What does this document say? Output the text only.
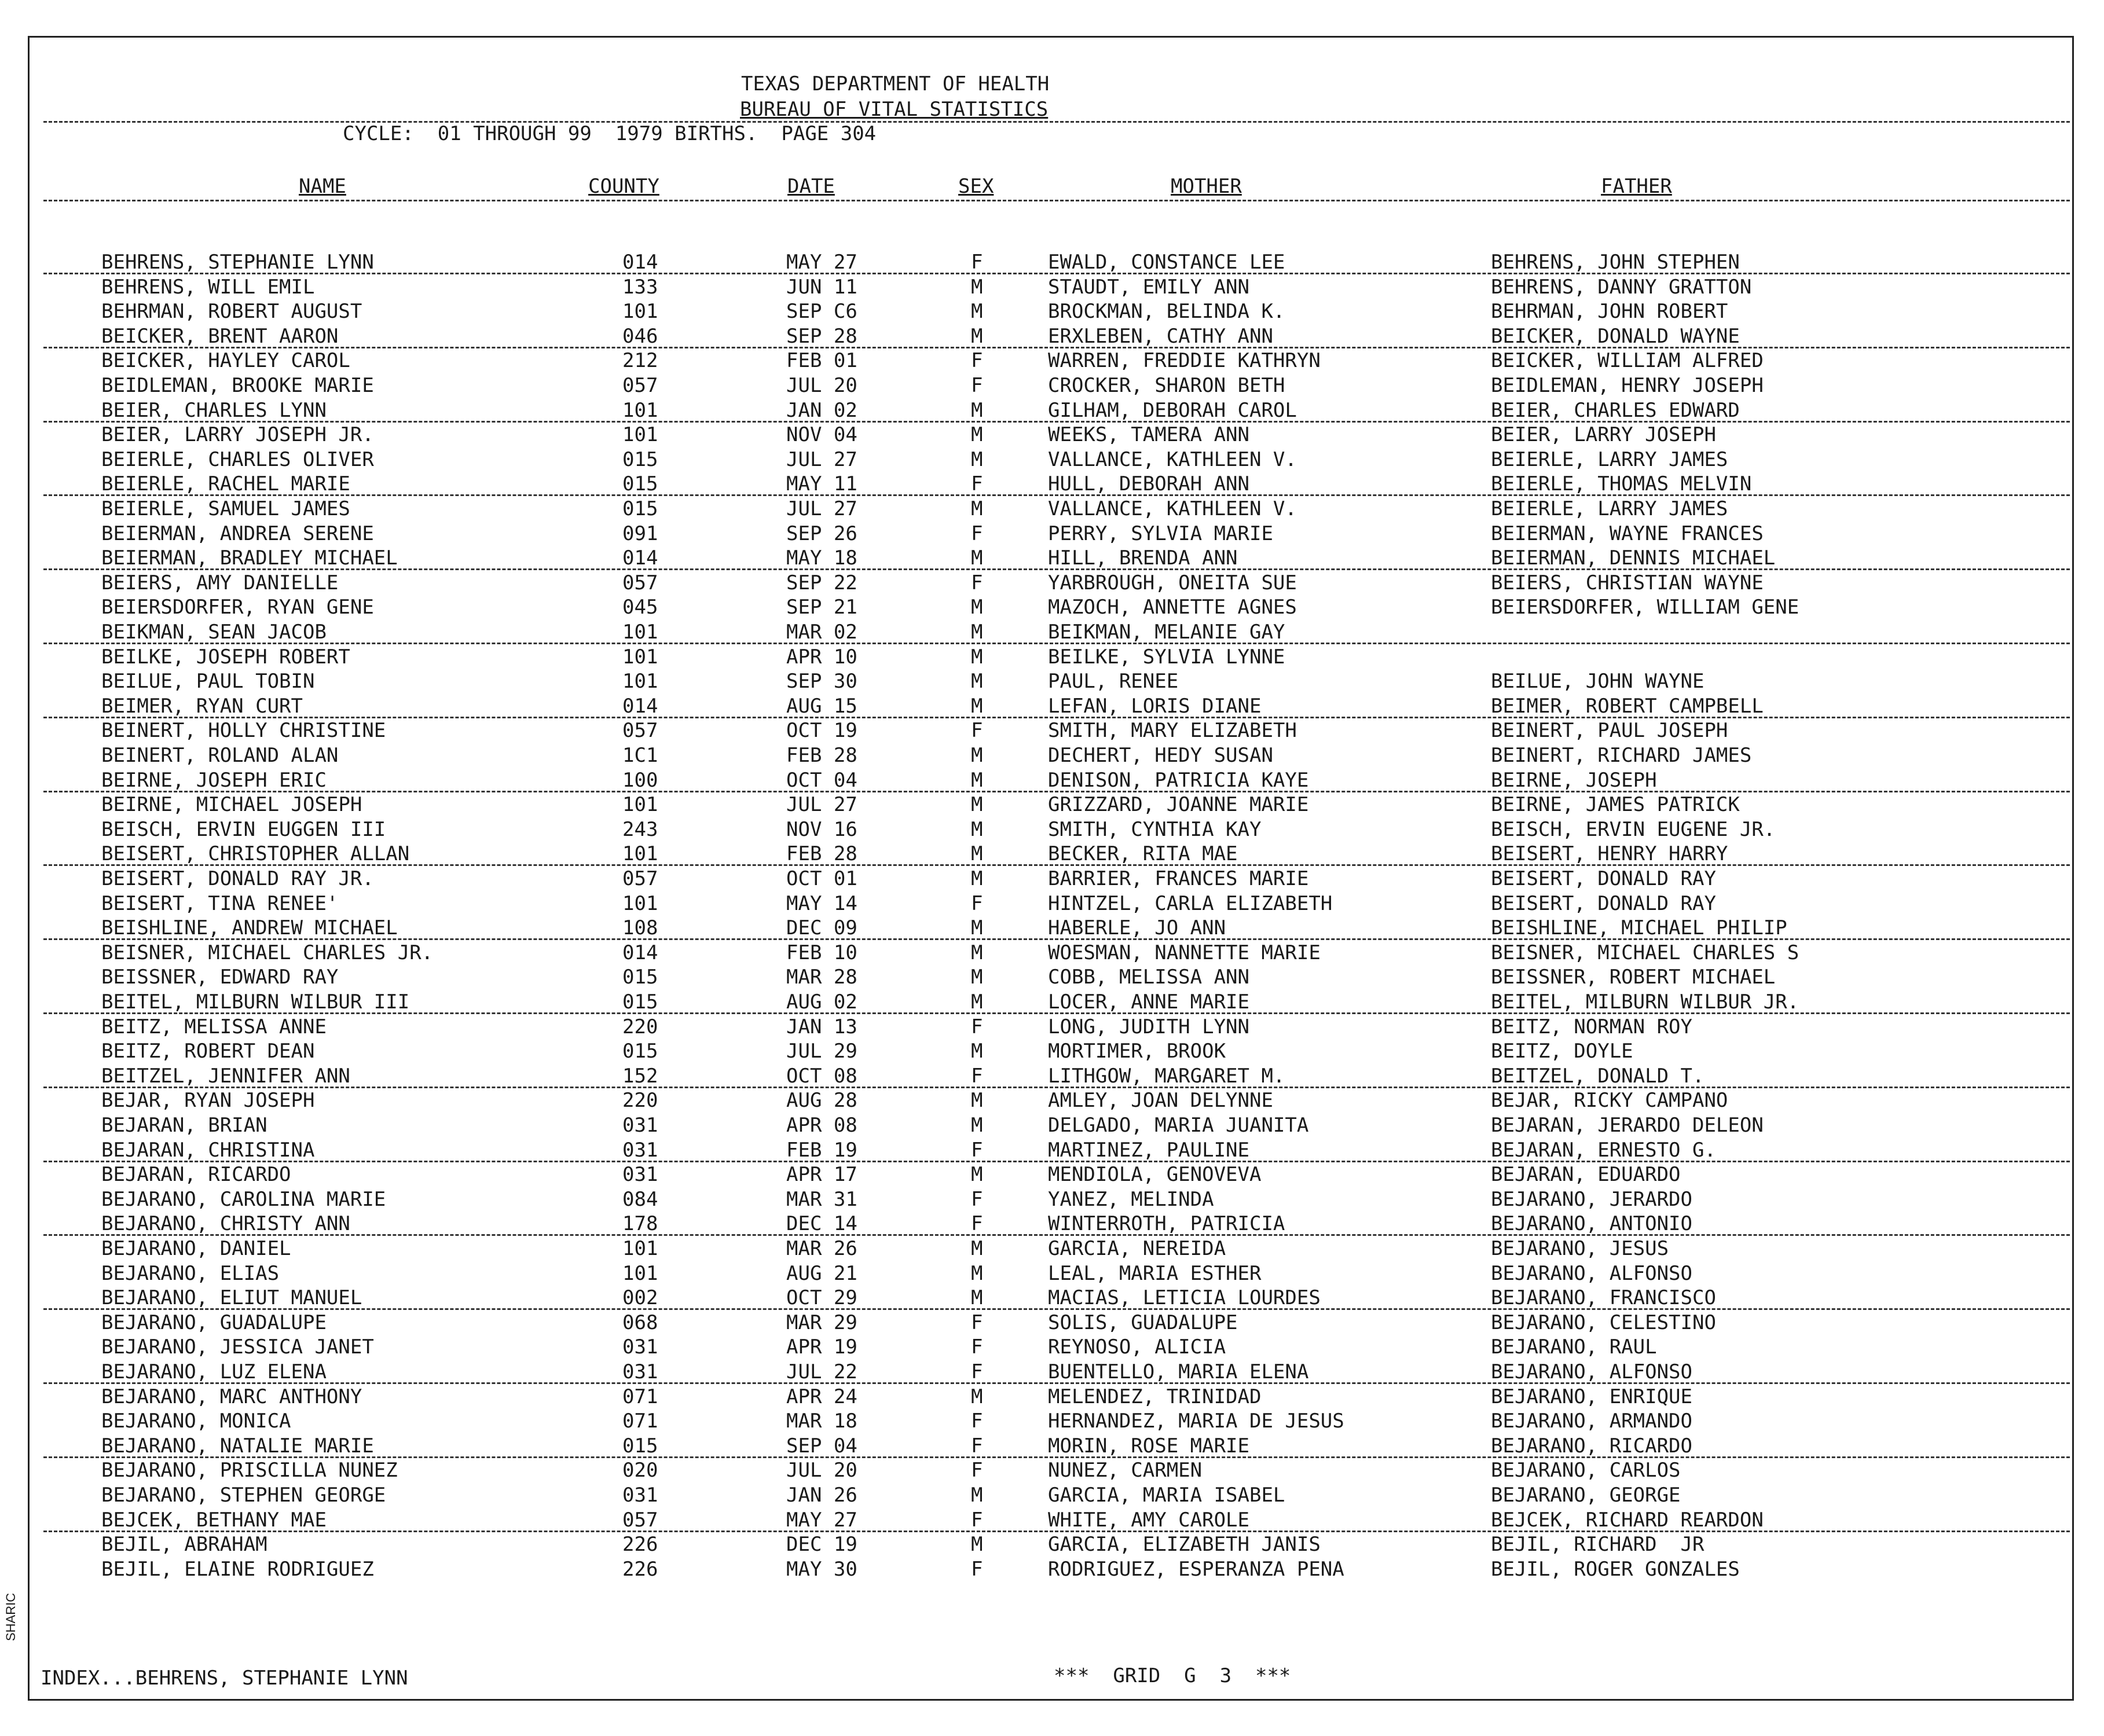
TEXAS DEPARTMENT OF HEALTH
BUREAU OF VITAL STATISTICS
CYCLE:  01 THROUGH 99  1979 BIRTHS.  PAGE 304
NAME	COUNTY	DATE	SEX	MOTHER	FATHER
BEHRENS, STEPHANIE LYNN	014	MAY 27	F	EWALD, CONSTANCE LEE	BEHRENS, JOHN STEPHEN
BEHRENS, WILL EMIL	133	JUN 11	M	STAUDT, EMILY ANN	BEHRENS, DANNY GRATTON
BEHRMAN, ROBERT AUGUST	101	SEP C6	M	BROCKMAN, BELINDA K.	BEHRMAN, JOHN ROBERT
BEICKER, BRENT AARON	046	SEP 28	M	ERXLEBEN, CATHY ANN	BEICKER, DONALD WAYNE
BEICKER, HAYLEY CAROL	212	FEB 01	F	WARREN, FREDDIE KATHRYN	BEICKER, WILLIAM ALFRED
BEIDLEMAN, BROOKE MARIE	057	JUL 20	F	CROCKER, SHARON BETH	BEIDLEMAN, HENRY JOSEPH
BEIER, CHARLES LYNN	101	JAN 02	M	GILHAM, DEBORAH CAROL	BEIER, CHARLES EDWARD
BEIER, LARRY JOSEPH JR.	101	NOV 04	M	WEEKS, TAMERA ANN	BEIER, LARRY JOSEPH
BEIERLE, CHARLES OLIVER	015	JUL 27	M	VALLANCE, KATHLEEN V.	BEIERLE, LARRY JAMES
BEIERLE, RACHEL MARIE	015	MAY 11	F	HULL, DEBORAH ANN	BEIERLE, THOMAS MELVIN
BEIERLE, SAMUEL JAMES	015	JUL 27	M	VALLANCE, KATHLEEN V.	BEIERLE, LARRY JAMES
BEIERMAN, ANDREA SERENE	091	SEP 26	F	PERRY, SYLVIA MARIE	BEIERMAN, WAYNE FRANCES
BEIERMAN, BRADLEY MICHAEL	014	MAY 18	M	HILL, BRENDA ANN	BEIERMAN, DENNIS MICHAEL
BEIERS, AMY DANIELLE	057	SEP 22	F	YARBROUGH, ONEITA SUE	BEIERS, CHRISTIAN WAYNE
BEIERSDORFER, RYAN GENE	045	SEP 21	M	MAZOCH, ANNETTE AGNES	BEIERSDORFER, WILLIAM GENE
BEIKMAN, SEAN JACOB	101	MAR 02	M	BEIKMAN, MELANIE GAY
BEILKE, JOSEPH ROBERT	101	APR 10	M	BEILKE, SYLVIA LYNNE
BEILUE, PAUL TOBIN	101	SEP 30	M	PAUL, RENEE	BEILUE, JOHN WAYNE
BEIMER, RYAN CURT	014	AUG 15	M	LEFAN, LORIS DIANE	BEIMER, ROBERT CAMPBELL
BEINERT, HOLLY CHRISTINE	057	OCT 19	F	SMITH, MARY ELIZABETH	BEINERT, PAUL JOSEPH
BEINERT, ROLAND ALAN	1C1	FEB 28	M	DECHERT, HEDY SUSAN	BEINERT, RICHARD JAMES
BEIRNE, JOSEPH ERIC	100	OCT 04	M	DENISON, PATRICIA KAYE	BEIRNE, JOSEPH
BEIRNE, MICHAEL JOSEPH	101	JUL 27	M	GRIZZARD, JOANNE MARIE	BEIRNE, JAMES PATRICK
BEISCH, ERVIN EUGGEN III	243	NOV 16	M	SMITH, CYNTHIA KAY	BEISCH, ERVIN EUGENE JR.
BEISERT, CHRISTOPHER ALLAN	101	FEB 28	M	BECKER, RITA MAE	BEISERT, HENRY HARRY
BEISERT, DONALD RAY JR.	057	OCT 01	M	BARRIER, FRANCES MARIE	BEISERT, DONALD RAY
BEISERT, TINA RENEE'	101	MAY 14	F	HINTZEL, CARLA ELIZABETH	BEISERT, DONALD RAY
BEISHLINE, ANDREW MICHAEL	108	DEC 09	M	HABERLE, JO ANN	BEISHLINE, MICHAEL PHILIP
BEISNER, MICHAEL CHARLES JR.	014	FEB 10	M	WOESMAN, NANNETTE MARIE	BEISNER, MICHAEL CHARLES S
BEISSNER, EDWARD RAY	015	MAR 28	M	COBB, MELISSA ANN	BEISSNER, ROBERT MICHAEL
BEITEL, MILBURN WILBUR III	015	AUG 02	M	LOCER, ANNE MARIE	BEITEL, MILBURN WILBUR JR.
BEITZ, MELISSA ANNE	220	JAN 13	F	LONG, JUDITH LYNN	BEITZ, NORMAN ROY
BEITZ, ROBERT DEAN	015	JUL 29	M	MORTIMER, BROOK	BEITZ, DOYLE
BEITZEL, JENNIFER ANN	152	OCT 08	F	LITHGOW, MARGARET M.	BEITZEL, DONALD T.
BEJAR, RYAN JOSEPH	220	AUG 28	M	AMLEY, JOAN DELYNNE	BEJAR, RICKY CAMPANO
BEJARAN, BRIAN	031	APR 08	M	DELGADO, MARIA JUANITA	BEJARAN, JERARDO DELEON
BEJARAN, CHRISTINA	031	FEB 19	F	MARTINEZ, PAULINE	BEJARAN, ERNESTO G.
BEJARAN, RICARDO	031	APR 17	M	MENDIOLA, GENOVEVA	BEJARAN, EDUARDO
BEJARANO, CAROLINA MARIE	084	MAR 31	F	YANEZ, MELINDA	BEJARANO, JERARDO
BEJARANO, CHRISTY ANN	178	DEC 14	F	WINTERROTH, PATRICIA	BEJARANO, ANTONIO
BEJARANO, DANIEL	101	MAR 26	M	GARCIA, NEREIDA	BEJARANO, JESUS
BEJARANO, ELIAS	101	AUG 21	M	LEAL, MARIA ESTHER	BEJARANO, ALFONSO
BEJARANO, ELIUT MANUEL	002	OCT 29	M	MACIAS, LETICIA LOURDES	BEJARANO, FRANCISCO
BEJARANO, GUADALUPE	068	MAR 29	F	SOLIS, GUADALUPE	BEJARANO, CELESTINO
BEJARANO, JESSICA JANET	031	APR 19	F	REYNOSO, ALICIA	BEJARANO, RAUL
BEJARANO, LUZ ELENA	031	JUL 22	F	BUENTELLO, MARIA ELENA	BEJARANO, ALFONSO
BEJARANO, MARC ANTHONY	071	APR 24	M	MELENDEZ, TRINIDAD	BEJARANO, ENRIQUE
BEJARANO, MONICA	071	MAR 18	F	HERNANDEZ, MARIA DE JESUS	BEJARANO, ARMANDO
BEJARANO, NATALIE MARIE	015	SEP 04	F	MORIN, ROSE MARIE	BEJARANO, RICARDO
BEJARANO, PRISCILLA NUNEZ	020	JUL 20	F	NUNEZ, CARMEN	BEJARANO, CARLOS
BEJARANO, STEPHEN GEORGE	031	JAN 26	M	GARCIA, MARIA ISABEL	BEJARANO, GEORGE
BEJCEK, BETHANY MAE	057	MAY 27	F	WHITE, AMY CAROLE	BEJCEK, RICHARD REARDON
BEJIL, ABRAHAM	226	DEC 19	M	GARCIA, ELIZABETH JANIS	BEJIL, RICHARD  JR
BEJIL, ELAINE RODRIGUEZ	226	MAY 30	F	RODRIGUEZ, ESPERANZA PENA	BEJIL, ROGER GONZALES
INDEX...BEHRENS, STEPHANIE LYNN	***  GRID  G  3  ***
SHARIC
